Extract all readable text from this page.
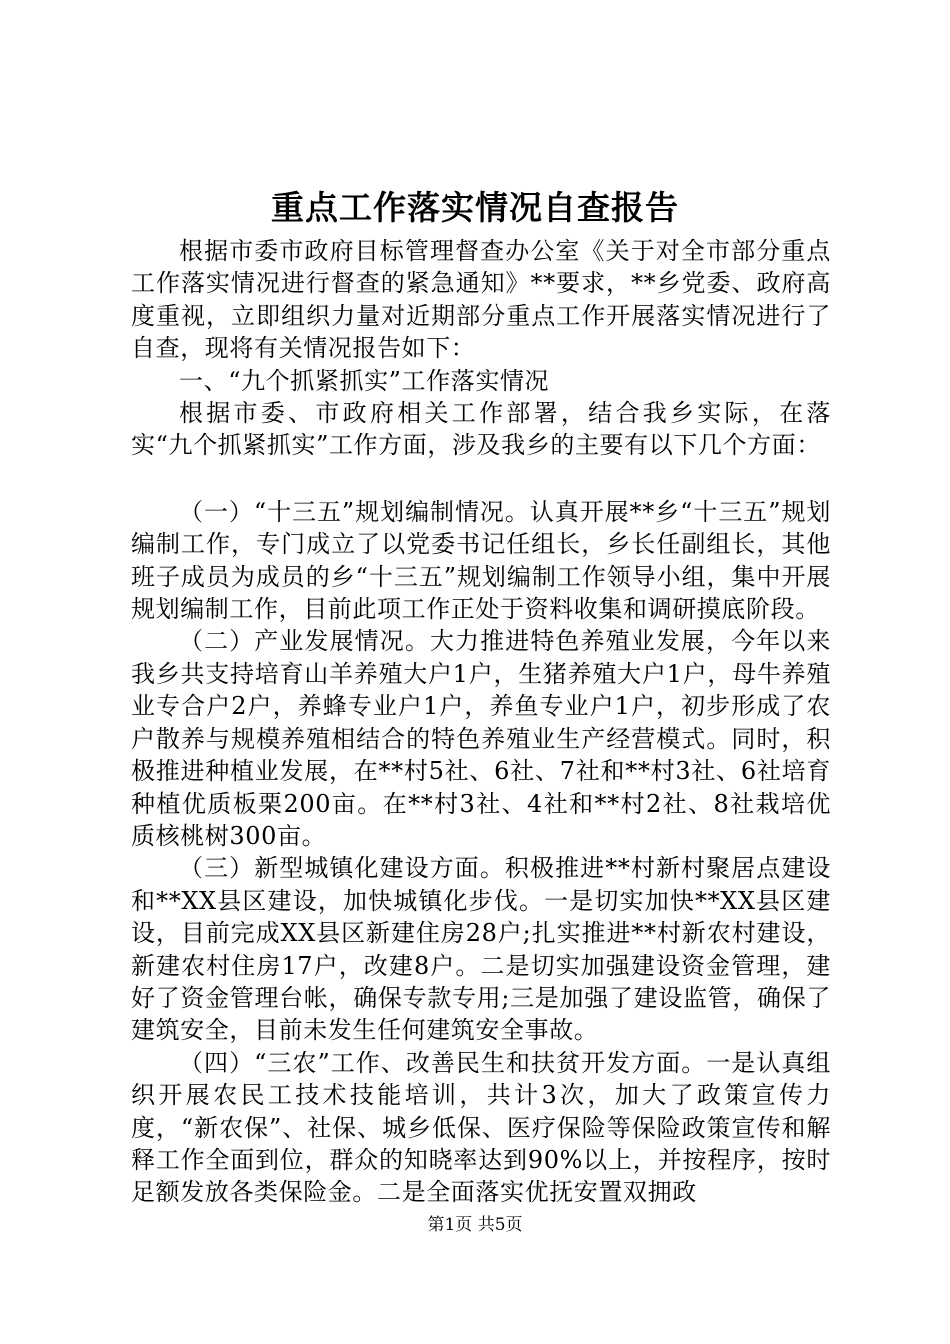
重点工作落实情况自查报告

根据市委市政府目标管理督查办公室《关于对全市部分重点工作落实情况进行督查的紧急通知》**要求，**乡党委、政府高度重视，立即组织力量对近期部分重点工作开展落实情况进行了自查，现将有关情况报告如下：

一、“九个抓紧抓实”工作落实情况

根据市委、市政府相关工作部署，结合我乡实际，在落实“九个抓紧抓实”工作方面，涉及我乡的主要有以下几个方面：

（一）“十三五”规划编制情况。认真开展**乡“十三五”规划编制工作，专门成立了以党委书记任组长，乡长任副组长，其他班子成员为成员的乡“十三五”规划编制工作领导小组，集中开展规划编制工作，目前此项工作正处于资料收集和调研摸底阶段。

（二）产业发展情况。大力推进特色养殖业发展，今年以来我乡共支持培育山羊养殖大户1户，生猪养殖大户1户，母牛养殖业专合户2户，养蜂专业户1户，养鱼专业户1户，初步形成了农户散养与规模养殖相结合的特色养殖业生产经营模式。同时，积极推进种植业发展，在**村5社、6社、7社和**村3社、6社培育种植优质板栗200亩。在**村3社、4社和**村2社、8社栽培优质核桃树300亩。

（三）新型城镇化建设方面。积极推进**村新村聚居点建设和**XX县区建设，加快城镇化步伐。一是切实加快**XX县区建设，目前完成XX县区新建住房28户;扎实推进**村新农村建设，新建农村住房17户，改建8户。二是切实加强建设资金管理，建好了资金管理台帐，确保专款专用;三是加强了建设监管，确保了建筑安全，目前未发生任何建筑安全事故。

（四）“三农”工作、改善民生和扶贫开发方面。一是认真组织开展农民工技术技能培训，共计3次，加大了政策宣传力度，“新农保”、社保、城乡低保、医疗保险等保险政策宣传和解释工作全面到位，群众的知晓率达到90%以上，并按程序，按时足额发放各类保险金。二是全面落实优抚安置双拥政

第1页 共5页
